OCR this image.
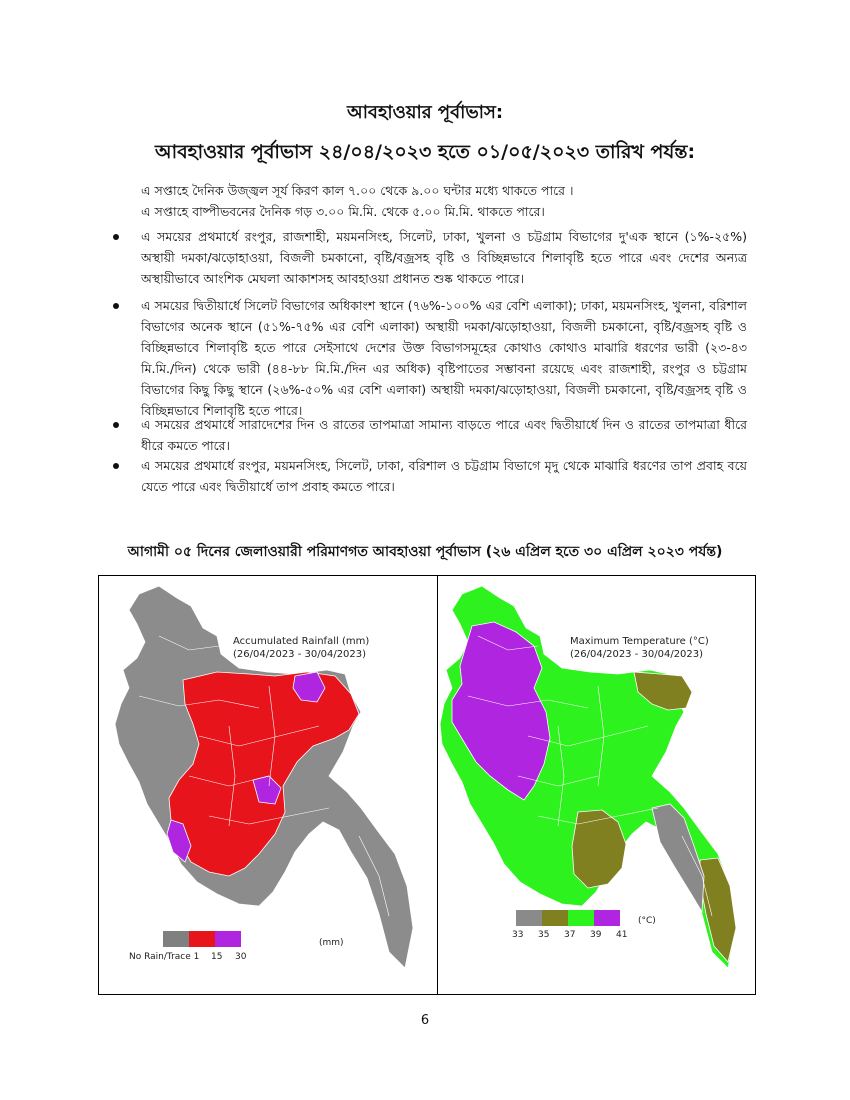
আবহাওয়ার পূর্বাভাস:
আবহাওয়ার পূর্বাভাস ২৪/০৪/২০২৩ হতে ০১/০৫/২০২৩ তারিখ পর্যন্ত:
এ সপ্তাহে দৈনিক উজ্জ্বল সূর্য কিরণ কাল ৭.০০ থেকে ৯.০০ ঘন্টার মধ্যে থাকতে পারে ।
এ সপ্তাহে বাষ্পীভবনের দৈনিক গড় ৩.০০ মি.মি. থেকে ৫.০০ মি.মি. থাকতে পারে।
এ সময়ের প্রথমার্ধে রংপুর, রাজশাহী, ময়মনসিংহ, সিলেট, ঢাকা, খুলনা ও চট্টগ্রাম বিভাগের দু'এক স্থানে (১%-২৫%) অস্থায়ী দমকা/ঝড়োহাওয়া, বিজলী চমকানো, বৃষ্টি/বজ্রসহ বৃষ্টি ও বিচ্ছিন্নভাবে শিলাবৃষ্টি হতে পারে এবং দেশের অন্যত্র অস্থায়ীভাবে আংশিক মেঘলা আকাশসহ আবহাওয়া প্রধানত শুষ্ক থাকতে পারে।
এ সময়ের দ্বিতীয়ার্ধে সিলেট বিভাগের অধিকাংশ স্থানে (৭৬%-১০০% এর বেশি এলাকা); ঢাকা, ময়মনসিংহ, খুলনা, বরিশাল বিভাগের অনেক স্থানে (৫১%-৭৫% এর বেশি এলাকা) অস্থায়ী দমকা/ঝড়োহাওয়া, বিজলী চমকানো, বৃষ্টি/বজ্রসহ বৃষ্টি ও বিচ্ছিন্নভাবে শিলাবৃষ্টি হতে পারে সেইসাথে দেশের উক্ত বিভাগসমূহের কোথাও কোথাও মাঝারি ধরণের ভারী (২৩-৪৩ মি.মি./দিন) থেকে ভারী (৪৪-৮৮ মি.মি./দিন এর অধিক) বৃষ্টিপাতের সম্ভাবনা রয়েছে এবং রাজশাহী, রংপুর ও চট্টগ্রাম বিভাগের কিছু কিছু স্থানে (২৬%-৫০% এর বেশি এলাকা) অস্থায়ী দমকা/ঝড়োহাওয়া, বিজলী চমকানো, বৃষ্টি/বজ্রসহ বৃষ্টি ও বিচ্ছিন্নভাবে শিলাবৃষ্টি হতে পারে।
এ সময়ের প্রথমার্ধে সারাদেশের দিন ও রাতের তাপমাত্রা সামান্য বাড়তে পারে এবং দ্বিতীয়ার্ধে দিন ও রাতের তাপমাত্রা ধীরে ধীরে কমতে পারে।
এ সময়ের প্রথমার্ধে রংপুর, ময়মনসিংহ, সিলেট, ঢাকা, বরিশাল ও চট্টগ্রাম বিভাগে মৃদু থেকে মাঝারি ধরণের তাপ প্রবাহ বয়ে যেতে পারে এবং দ্বিতীয়ার্ধে তাপ প্রবাহ কমতে পারে।
আগামী ০৫ দিনের জেলাওয়ারী পরিমাণগত আবহাওয়া পূর্বাভাস (২৬ এপ্রিল হতে ৩০ এপ্রিল ২০২৩ পর্যন্ত)
Accumulated Rainfall (mm)
(26/04/2023 - 30/04/2023)
No Rain/Trace 1 15 30
(mm)
Maximum Temperature (°C)
(26/04/2023 - 30/04/2023)
33 35 37 39 41
(°C)
6
